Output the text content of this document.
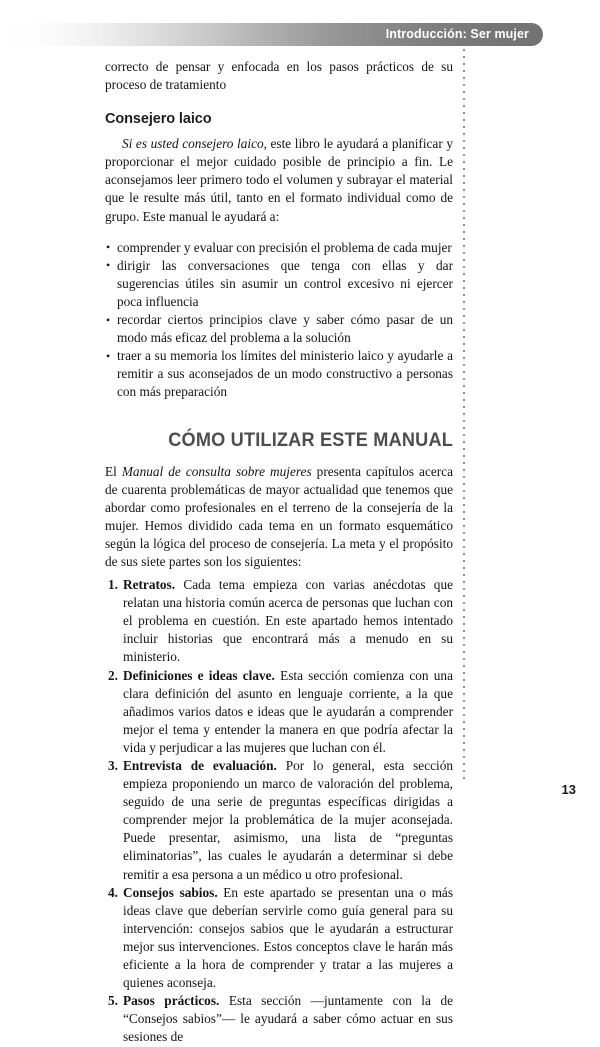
Introducción: Ser mujer

correcto de pensar y enfocada en los pasos prácticos de su proceso de tratamiento

Consejero laico

Si es usted consejero laico, este libro le ayudará a planificar y proporcionar el mejor cuidado posible de principio a fin. Le aconsejamos leer primero todo el volumen y subrayar el material que le resulte más útil, tanto en el formato individual como de grupo. Este manual le ayudará a:

• comprender y evaluar con precisión el problema de cada mujer
• dirigir las conversaciones que tenga con ellas y dar sugerencias útiles sin asumir un control excesivo ni ejercer poca influencia
• recordar ciertos principios clave y saber cómo pasar de un modo más eficaz del problema a la solución
• traer a su memoria los límites del ministerio laico y ayudarle a remitir a sus aconsejados de un modo constructivo a personas con más preparación
CÓMO UTILIZAR ESTE MANUAL

El Manual de consulta sobre mujeres presenta capítulos acerca de cuarenta problemáticas de mayor actualidad que tenemos que abordar como profesionales en el terreno de la consejería de la mujer. Hemos dividido cada tema en un formato esquemático según la lógica del proceso de consejería. La meta y el propósito de sus siete partes son los siguientes:

1. Retratos. Cada tema empieza con varias anécdotas que relatan una historia común acerca de personas que luchan con el problema en cuestión. En este apartado hemos intentado incluir historias que encontrará más a menudo en su ministerio.
2. Definiciones e ideas clave. Esta sección comienza con una clara definición del asunto en lenguaje corriente, a la que añadimos varios datos e ideas que le ayudarán a comprender mejor el tema y entender la manera en que podría afectar la vida y perjudicar a las mujeres que luchan con él.
3. Entrevista de evaluación. Por lo general, esta sección empieza proponiendo un marco de valoración del problema, seguido de una serie de preguntas específicas dirigidas a comprender mejor la problemática de la mujer aconsejada. Puede presentar, asimismo, una lista de “preguntas eliminatorias”, las cuales le ayudarán a determinar si debe remitir a esa persona a un médico u otro profesional.
4. Consejos sabios. En este apartado se presentan una o más ideas clave que deberían servirle como guía general para su intervención: consejos sabios que le ayudarán a estructurar mejor sus intervenciones. Estos conceptos clave le harán más eficiente a la hora de comprender y tratar a las mujeres a quienes aconseja.
5. Pasos prácticos. Esta sección —juntamente con la de “Consejos sabios”— le ayudará a saber cómo actuar en sus sesiones de
13
